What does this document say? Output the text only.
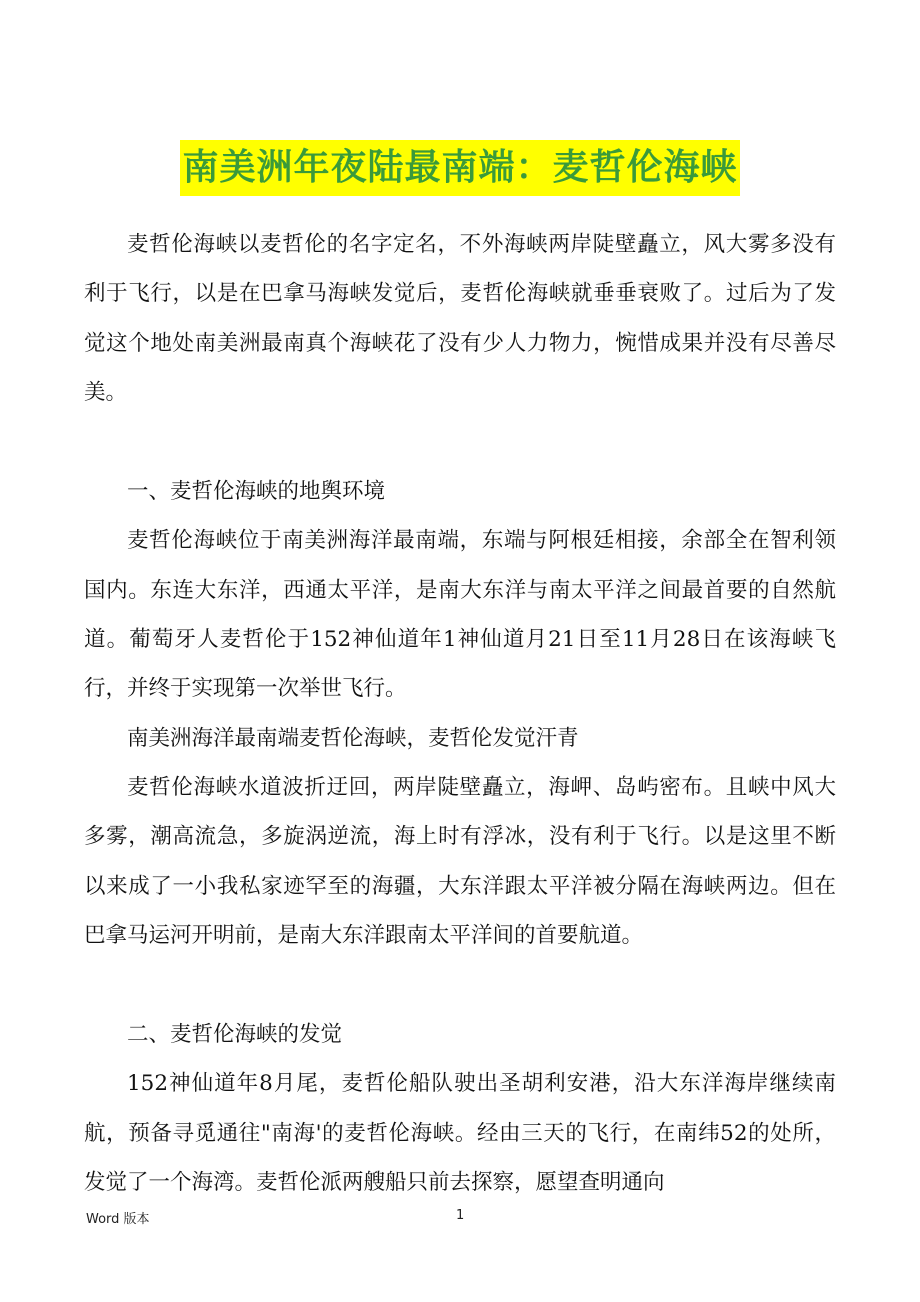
南美洲年夜陆最南端：麦哲伦海峡

麦哲伦海峡以麦哲伦的名字定名，不外海峡两岸陡壁矗立，风大雾多没有利于飞行，以是在巴拿马海峡发觉后，麦哲伦海峡就垂垂衰败了。过后为了发觉这个地处南美洲最南真个海峡花了没有少人力物力，惋惜成果并没有尽善尽美。

一、麦哲伦海峡的地舆环境

麦哲伦海峡位于南美洲海洋最南端，东端与阿根廷相接，余部全在智利领国内。东连大东洋，西通太平洋，是南大东洋与南太平洋之间最首要的自然航道。葡萄牙人麦哲伦于152神仙道年1神仙道月21日至11月28日在该海峡飞行，并终于实现第一次举世飞行。

南美洲海洋最南端麦哲伦海峡，麦哲伦发觉汗青

麦哲伦海峡水道波折迂回，两岸陡壁矗立，海岬、岛屿密布。且峡中风大多雾，潮高流急，多旋涡逆流，海上时有浮冰，没有利于飞行。以是这里不断以来成了一小我私家迹罕至的海疆，大东洋跟太平洋被分隔在海峡两边。但在巴拿马运河开明前，是南大东洋跟南太平洋间的首要航道。

二、麦哲伦海峡的发觉

152神仙道年8月尾，麦哲伦船队驶出圣胡利安港，沿大东洋海岸继续南航，预备寻觅通往"南海'的麦哲伦海峡。经由三天的飞行，在南纬52的处所，发觉了一个海湾。麦哲伦派两艘船只前去探察，愿望查明通向

Word 版本	1
